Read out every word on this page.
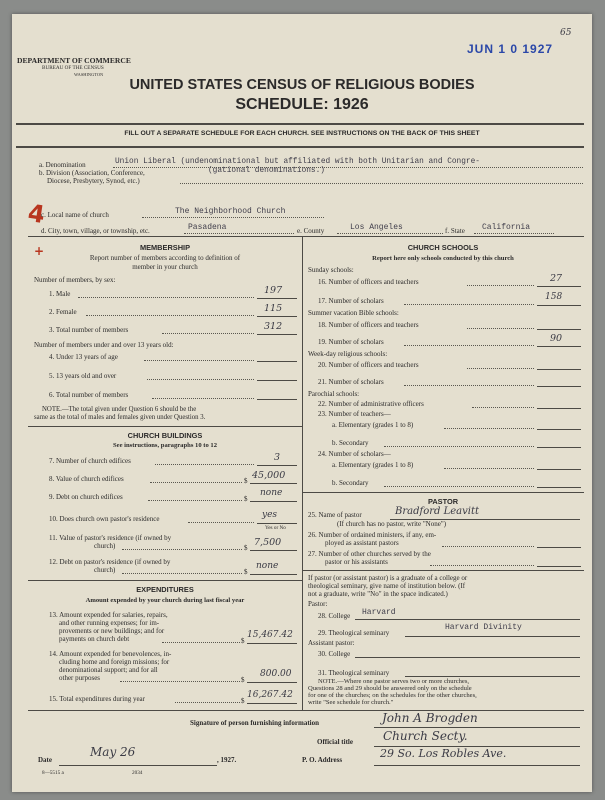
DEPARTMENT OF COMMERCE
BUREAU OF THE CENSUS
WASHINGTON
JUN 1 0 1927
65
UNITED STATES CENSUS OF RELIGIOUS BODIES
SCHEDULE: 1926
FILL OUT A SEPARATE SCHEDULE FOR EACH CHURCH. SEE INSTRUCTIONS ON THE BACK OF THIS SHEET
a. Denomination	Union Liberal (undenominational but affiliated with both Unitarian and Congre-
b. Division (Association, Conference,
Diocese, Presbytery, Synod, etc.)
(gational denominations.)
4
+
c. Local name of church	The Neighborhood Church
d. City, town, village, or township, etc.	Pasadena	e. County	Los Angeles	f. State California
MEMBERSHIP
Report number of members according to definition of
member in your church
Number of members, by sex:
1. Male	197
2. Female	115
3. Total number of members	312
Number of members under and over 13 years old:
4. Under 13 years of age
5. 13 years old and over
6. Total number of members
NOTE.—The total given under Question 6 should be the
same as the total of males and females given under Question 3.
CHURCH BUILDINGS
See instructions, paragraphs 10 to 12
7. Number of church edifices	3
8. Value of church edifices	$ 45,000
9. Debt on church edifices	$
none
10. Does church own pastor's residence	yes
Yes or No
11. Value of pastor's residence (if owned by
church)	$ 7,500
12. Debt on pastor's residence (if owned by
church)	$
none
EXPENDITURES
Amount expended by your church during last fiscal year
13. Amount expended for salaries, repairs,
and other running expenses; for im-
provements or new buildings; and for
payments on church debt	$
15,467.42
14. Amount expended for benevolences, in-
cluding home and foreign missions; for
denominational support; and for all
other purposes	$
800.00
15. Total expenditures during year	$
16,267.42
CHURCH SCHOOLS
Report here only schools conducted by this church
Sunday schools:
16. Number of officers and teachers	27
17. Number of scholars	158
Summer vacation Bible schools:
18. Number of officers and teachers
19. Number of scholars	90
Week-day religious schools:
20. Number of officers and teachers
21. Number of scholars
Parochial schools:
22. Number of administrative officers
23. Number of teachers—
a. Elementary (grades 1 to 8)
b. Secondary
24. Number of scholars—
a. Elementary (grades 1 to 8)
b. Secondary
PASTOR
25. Name of pastor	Bradford Leavitt
(If church has no pastor, write "None")
26. Number of ordained ministers, if any, em-
ployed as assistant pastors
27. Number of other churches served by the
pastor or his assistants
If pastor (or assistant pastor) is a graduate of a college or
theological seminary, give name of institution below. (If
not a graduate, write "No" in the space indicated.)
Pastor:
28. College Harvard
29. Theological seminary
Harvard Divinity
Assistant pastor:
30. College
31. Theological seminary
NOTE.—Where one pastor serves two or more churches,
Questions 28 and 29 should be answered only on the schedule
for one of the churches; on the schedules for the other churches,
write "See schedule for church."
Signature of person furnishing information	John A Brogden
Official title	Church Secty.
Date
May 26
, 1927.	P. O. Address	29 So. Los Robles Ave.
8—5515 a	2034
